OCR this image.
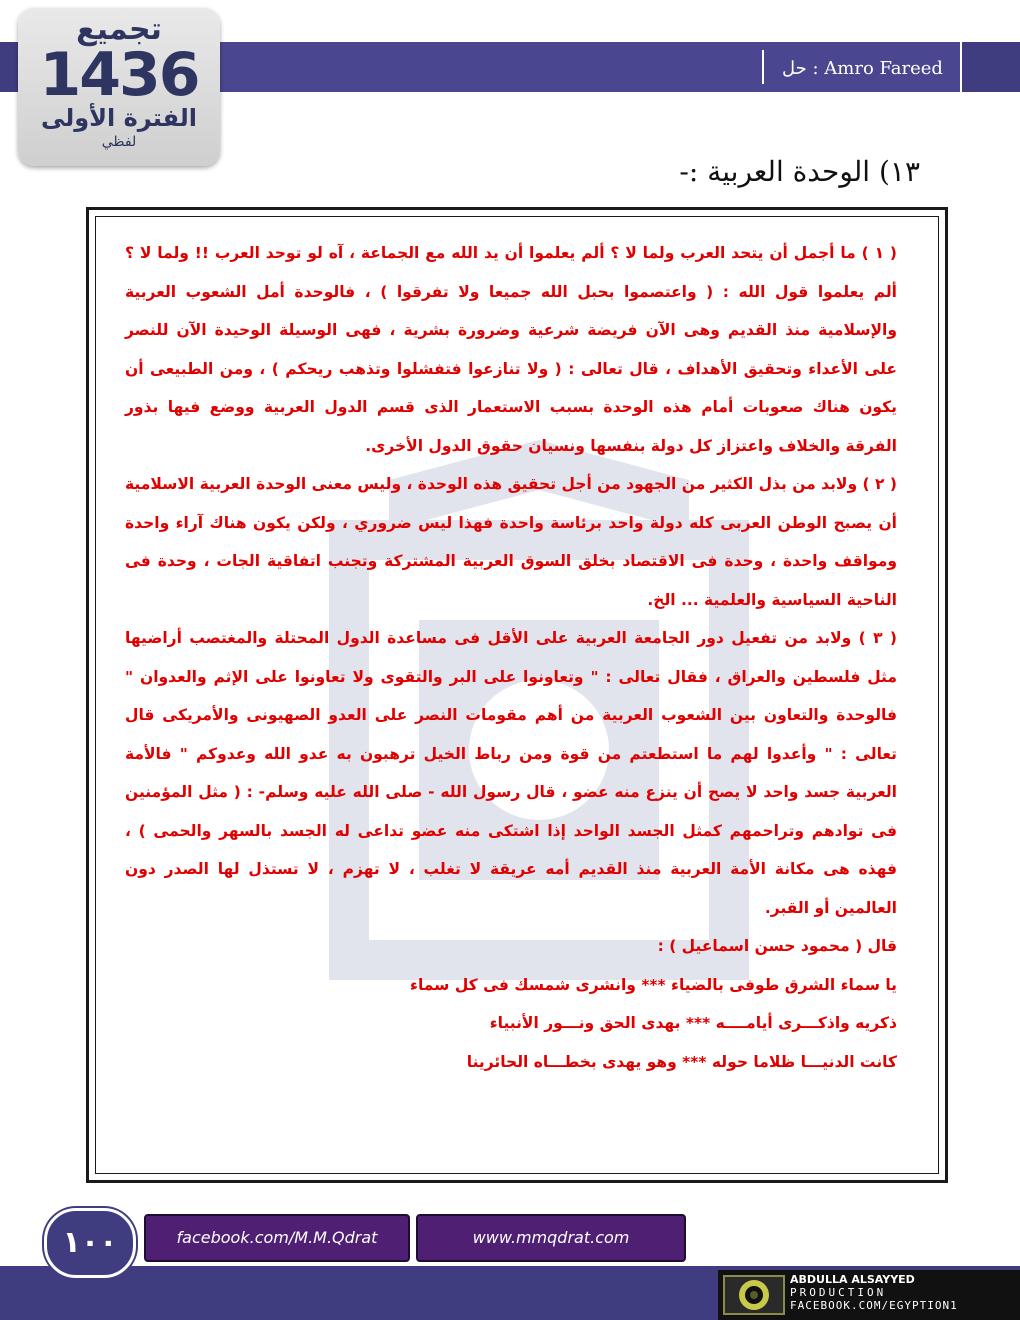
حل : Amro Fareed
تجميع
1436
الفترة الأولى
لفظي
١٣) الوحدة العربية :-

( ١ ) ما أجمل أن يتحد العرب ولما لا ؟ ألم يعلموا أن يد الله مع الجماعة ، آه لو توحد العرب !! ولما لا ؟ ألم يعلموا قول الله : ( واعتصموا بحبل الله جميعا ولا تفرقوا ) ، فالوحدة أمل الشعوب العربية والإسلامية منذ القديم وهى الآن فريضة شرعية وضرورة بشرية ، فهى الوسيلة الوحيدة الآن للنصر على الأعداء وتحقيق الأهداف ، قال تعالى : ( ولا تنازعوا فتفشلوا وتذهب ريحكم ) ، ومن الطبيعى أن يكون هناك صعوبات أمام هذه الوحدة بسبب الاستعمار الذى قسم الدول العربية ووضع فيها بذور الفرقة والخلاف واعتزاز كل دولة بنفسها ونسيان حقوق الدول الأخرى.

( ٢ ) ولابد من بذل الكثير من الجهود من أجل تحقيق هذه الوحدة ، وليس معنى الوحدة العربية الاسلامية أن يصبح الوطن العربى كله دولة واحد برئاسة واحدة فهذا ليس ضروري ، ولكن يكون هناك آراء واحدة ومواقف واحدة ، وحدة فى الاقتصاد بخلق السوق العربية المشتركة وتجنب اتفاقية الجات ، وحدة فى الناحية السياسية والعلمية ... الخ.

( ٣ ) ولابد من تفعيل دور الجامعة العربية على الأقل فى مساعدة الدول المحتلة والمغتصب أراضيها مثل فلسطين والعراق ، فقال تعالى : " وتعاونوا على البر والتقوى ولا تعاونوا على الإثم والعدوان " فالوحدة والتعاون بين الشعوب العربية من أهم مقومات النصر على العدو الصهيونى والأمريكى قال تعالى : " وأعدوا لهم ما استطعتم من قوة ومن رباط الخيل ترهبون به عدو الله وعدوكم " فالأمة العربية جسد واحد لا يصح أن ينزع منه عضو ، قال رسول الله - صلى الله عليه وسلم- : ( مثل المؤمنين فى توادهم وتراحمهم كمثل الجسد الواحد إذا اشتكى منه عضو تداعى له الجسد بالسهر والحمى ) ، فهذه هى مكانة الأمة العربية منذ القديم أمه عريقة لا تغلب ، لا تهزم ، لا تستذل لها الصدر دون العالمين أو القبر.

قال ( محمود حسن اسماعيل ) :

يا سماء الشرق طوفى بالضياء *** وانشرى شمسك فى كل سماء

ذكريه واذكـــرى أيامــــه *** بهدى الحق ونـــور الأنبياء

كانت الدنيـــا ظلاما حوله *** وهو يهدى بخطـــاه الحائرينا

١٠٠	facebook.com/M.M.Qdrat	www.mmqdrat.com
ABDULLA ALSAYYED
PRODUCTION
FACEBOOK.COM/EGYPTION1
